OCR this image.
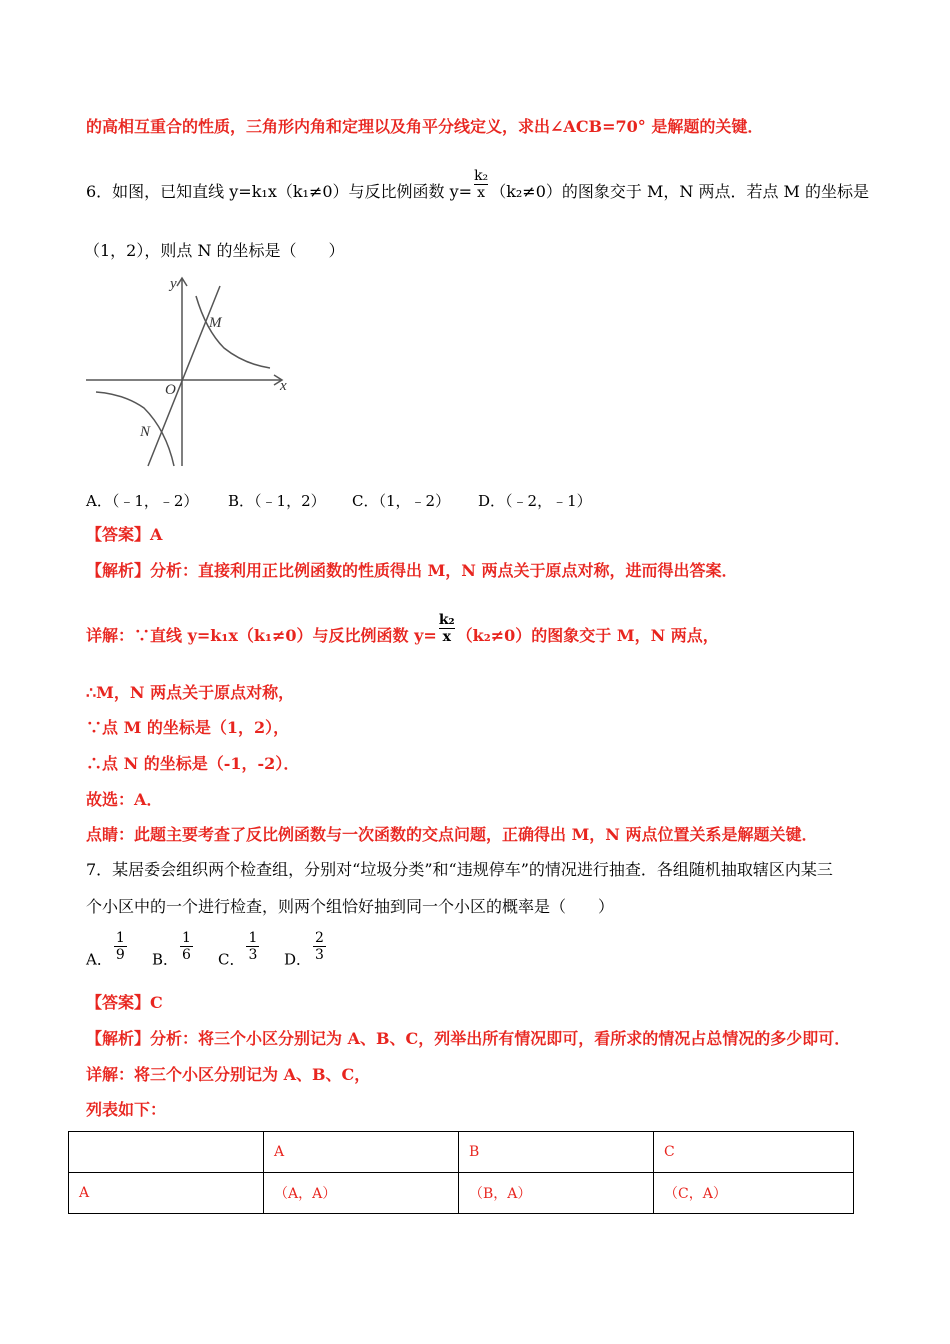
的高相互重合的性质，三角形内角和定理以及角平分线定义，求出∠ACB=70° 是解题的关键．
6．如图，已知直线 y=k₁x（k₁≠0）与反比例函数 $y= \frac{\text{k₂}}{x} (k_2\ne 0)$的图象交于 M，N 两点．若点 M 的坐标是
（1，2），则点 N 的坐标是（　　）
y
x
O
M
N
A．（﹣1，﹣2） B．（﹣1，2） C．（1，﹣2） D．（﹣2，﹣1）
【答案】A
【解析】分析：直接利用正比例函数的性质得出 M，N 两点关于原点对称，进而得出答案．
详解：∵直线 y=k₁x（k₁≠0）与反比例函数 $y= \frac{\text{k₂}}{x} (k_2\ne 0)$的图象交于 M，N 两点，
∴M，N 两点关于原点对称，
∵点 M 的坐标是（1，2），
∴点 N 的坐标是（-1，-2）．
故选：A．
点睛：此题主要考查了反比例函数与一次函数的交点问题，正确得出 M，N 两点位置关系是解题关键．
7．某居委会组织两个检查组，分别对“垃圾分类”和“违规停车”的情况进行抽查．各组随机抽取辖区内某三
个小区中的一个进行检查，则两个组恰好抽到同一个小区的概率是（　　）
A． $\frac{1}{9}$ B． $\frac{1}{6}$ C． $\frac{1}{3}$ D． $\frac{2}{3}$
【答案】C
【解析】分析：将三个小区分别记为 A、B、C，列举出所有情况即可，看所求的情况占总情况的多少即可．
详解：将三个小区分别记为 A、B、C，
列表如下：
	A	B	C
A	（A，A）	（B，A）	（C，A）
